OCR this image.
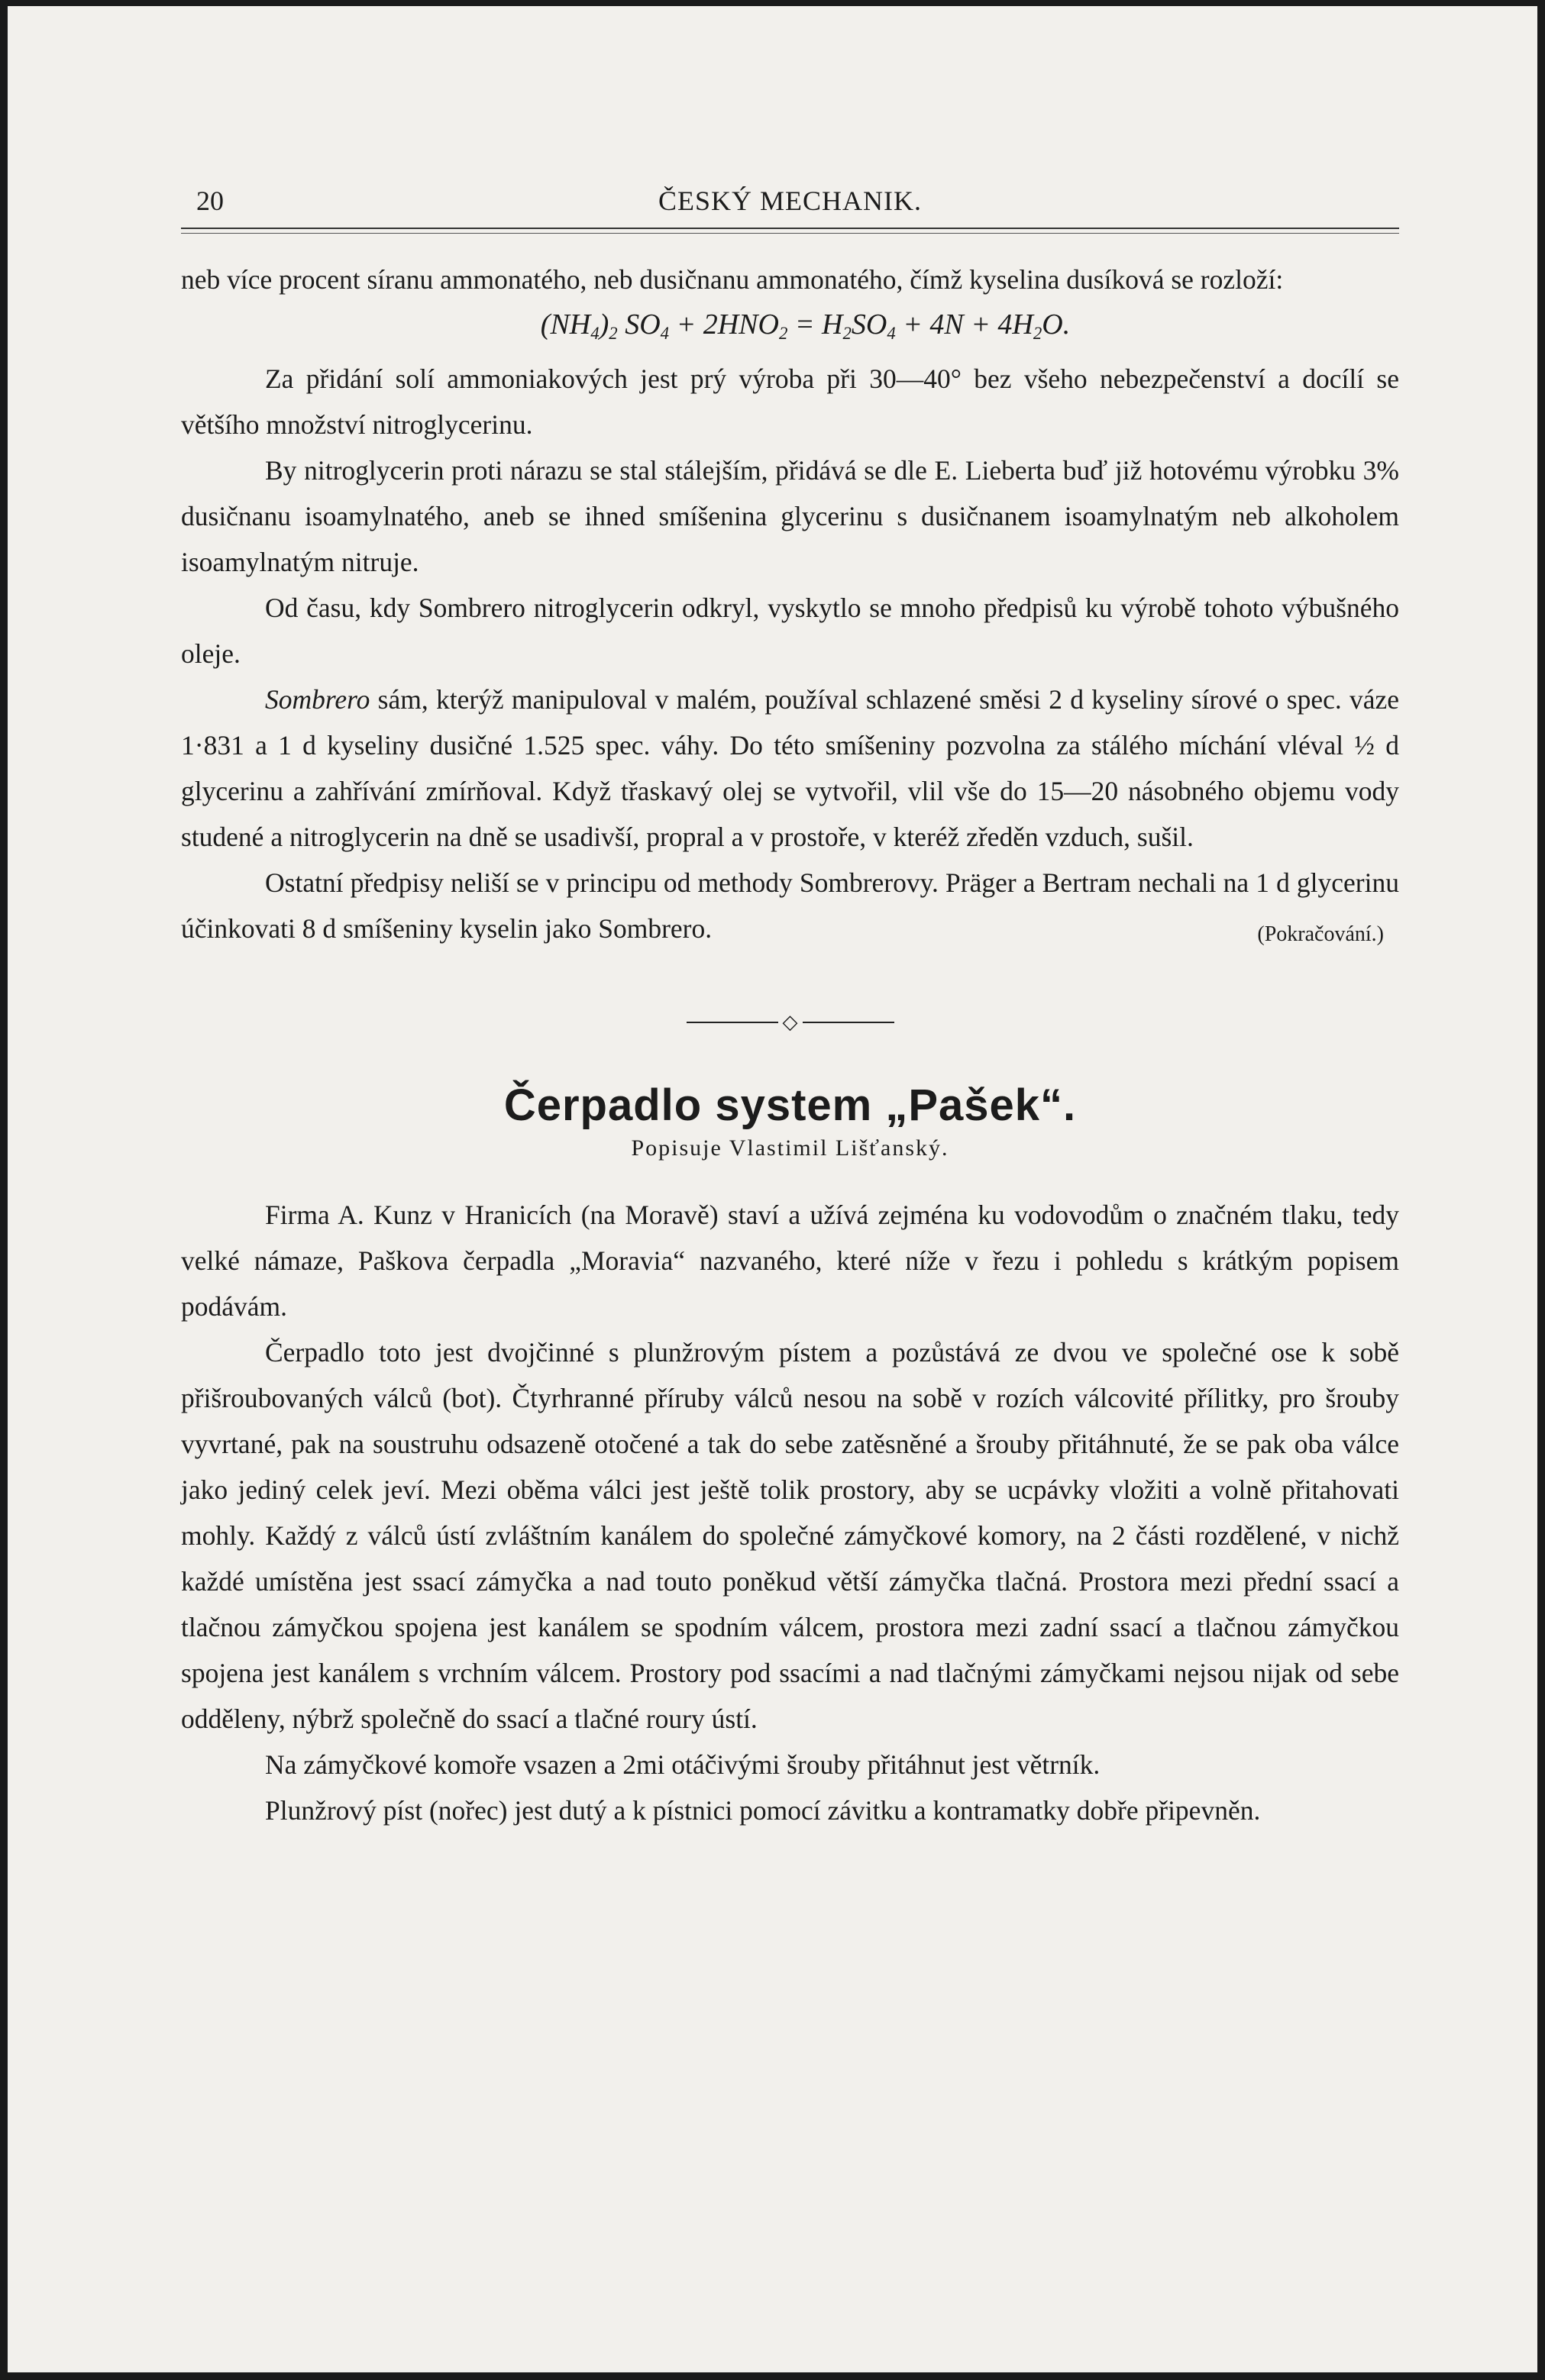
20	ČESKÝ MECHANIK.

neb více procent síranu ammonatého, neb dusičnanu ammonatého, čímž kyselina dusíková se rozloží:

$(NH_4)_2$ $SO_4 + 2HNO_2 = H_2SO_4 + 4N + 4H_2O$.

Za přidání solí ammoniakových jest prý výroba při 30—40° bez všeho nebezpečenství a docílí se většího množství nitroglycerinu.

By nitroglycerin proti nárazu se stal stálejším, přidává se dle E. Lieberta buď již hotovému výrobku 3% dusičnanu isoamylnatého, aneb se ihned smíšenina glycerinu s dusičnanem isoamylnatým neb alkoholem isoamylnatým nitruje.

Od času, kdy Sombrero nitroglycerin odkryl, vyskytlo se mnoho předpisů ku výrobě tohoto výbušného oleje.

Sombrero sám, kterýž manipuloval v malém, používal schlazené směsi 2 d kyseliny sírové o spec. váze 1·831 a 1 d kyseliny dusičné 1.525 spec. váhy. Do této smíšeniny pozvolna za stálého míchání vléval ½ d glycerinu a zahřívání zmírňoval. Když třaskavý olej se vytvořil, vlil vše do 15—20 násobného objemu vody studené a nitroglycerin na dně se usadivší, propral a v prostoře, v kteréž zředěn vzduch, sušil.

Ostatní předpisy neliší se v principu od methody Sombrerovy. Präger a Bertram nechali na 1 d glycerinu účinkovati 8 d smíšeniny kyselin jako Sombrero.	(Pokračování.)
◇
Čerpadlo system „Pašek“.
Popisuje Vlastimil Lišťanský.

Firma A. Kunz v Hranicích (na Moravě) staví a užívá zejména ku vodovodům o značném tlaku, tedy velké námaze, Paškova čerpadla „Moravia“ nazvaného, které níže v řezu i pohledu s krátkým popisem podávám.

Čerpadlo toto jest dvojčinné s plunžrovým pístem a pozůstává ze dvou ve společné ose k sobě přišroubovaných válců (bot). Čtyrhranné příruby válců nesou na sobě v rozích válcovité přílitky, pro šrouby vyvrtané, pak na soustruhu odsazeně otočené a tak do sebe zatěsněné a šrouby přitáhnuté, že se pak oba válce jako jediný celek jeví. Mezi oběma válci jest ještě tolik prostory, aby se ucpávky vložiti a volně přitahovati mohly. Každý z válců ústí zvláštním kanálem do společné zámyčkové komory, na 2 části rozdělené, v nichž každé umístěna jest ssací zámyčka a nad touto poněkud větší zámyčka tlačná. Prostora mezi přední ssací a tlačnou zámyčkou spojena jest kanálem se spodním válcem, prostora mezi zadní ssací a tlačnou zámyčkou spojena jest kanálem s vrchním válcem. Prostory pod ssacími a nad tlačnými zámyčkami nejsou nijak od sebe odděleny, nýbrž společně do ssací a tlačné roury ústí.

Na zámyčkové komoře vsazen a 2mi otáčivými šrouby přitáhnut jest větrník.

Plunžrový píst (nořec) jest dutý a k pístnici pomocí závitku a kontramatky dobře připevněn.
